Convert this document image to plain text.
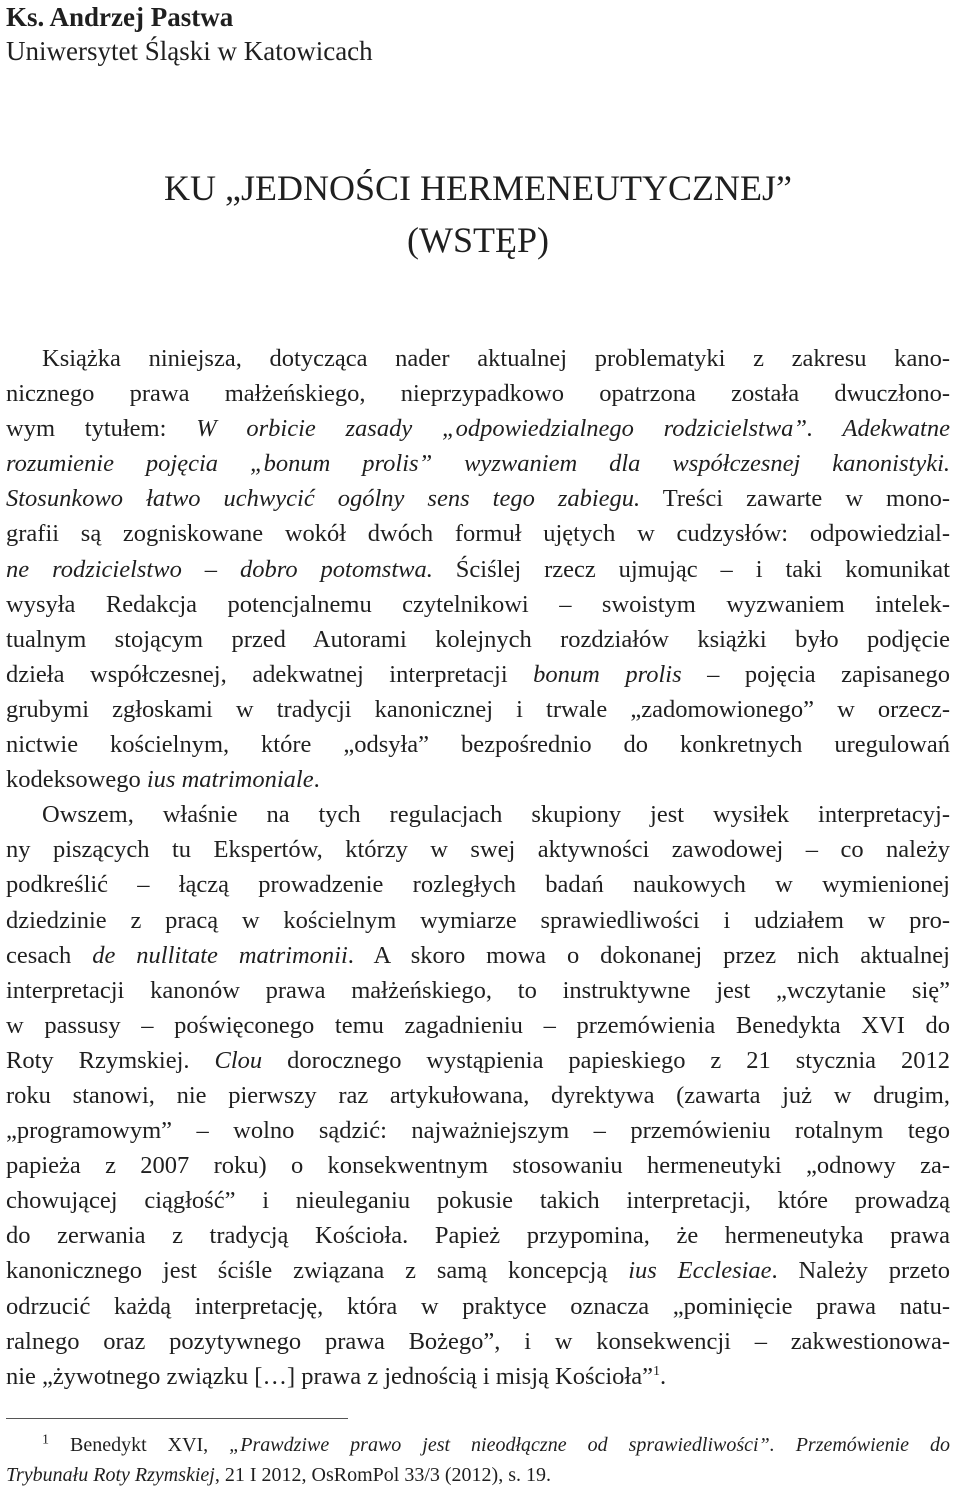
Ks. Andrzej Pastwa
Uniwersytet Śląski w Katowicach
KU „JEDNOŚCI HERMENEUTYCZNEJ”
(WSTĘP)
Książka niniejsza, dotycząca nader aktualnej problematyki z zakresu kano-
nicznego prawa małżeńskiego, nieprzypadkowo opatrzona została dwuczłono-
wym tytułem: W orbicie zasady „odpowiedzialnego rodzicielstwa”. Adekwatne
rozumienie pojęcia „bonum prolis” wyzwaniem dla współczesnej kanonistyki.
Stosunkowo łatwo uchwycić ogólny sens tego zabiegu. Treści zawarte w mono-
grafii są zogniskowane wokół dwóch formuł ujętych w cudzysłów: odpowiedzial-
ne rodzicielstwo – dobro potomstwa. Ściślej rzecz ujmując – i taki komunikat
wysyła Redakcja potencjalnemu czytelnikowi – swoistym wyzwaniem intelek-
tualnym stojącym przed Autorami kolejnych rozdziałów książki było podjęcie
dzieła współczesnej, adekwatnej interpretacji bonum prolis – pojęcia zapisanego
grubymi zgłoskami w tradycji kanonicznej i trwale „zadomowionego” w orzecz-
nictwie kościelnym, które „odsyła” bezpośrednio do konkretnych uregulowań
kodeksowego ius matrimoniale.
Owszem, właśnie na tych regulacjach skupiony jest wysiłek interpretacyj-
ny piszących tu Ekspertów, którzy w swej aktywności zawodowej – co należy
podkreślić – łączą prowadzenie rozległych badań naukowych w wymienionej
dziedzinie z pracą w kościelnym wymiarze sprawiedliwości i udziałem w pro-
cesach de nullitate matrimonii. A skoro mowa o dokonanej przez nich aktualnej
interpretacji kanonów prawa małżeńskiego, to instruktywne jest „wczytanie się”
w passusy – poświęconego temu zagadnieniu – przemówienia Benedykta XVI do
Roty Rzymskiej. Clou dorocznego wystąpienia papieskiego z 21 stycznia 2012
roku stanowi, nie pierwszy raz artykułowana, dyrektywa (zawarta już w drugim,
„programowym” – wolno sądzić: najważniejszym – przemówieniu rotalnym tego
papieża z 2007 roku) o konsekwentnym stosowaniu hermeneutyki „odnowy za-
chowującej ciągłość” i nieuleganiu pokusie takich interpretacji, które prowadzą
do zerwania z tradycją Kościoła. Papież przypomina, że hermeneutyka prawa
kanonicznego jest ściśle związana z samą koncepcją ius Ecclesiae. Należy przeto
odrzucić każdą interpretację, która w praktyce oznacza „pominięcie prawa natu-
ralnego oraz pozytywnego prawa Bożego”, i w konsekwencji – zakwestionowa-
nie „żywotnego związku […] prawa z jednością i misją Kościoła”$^1$.
$^1$ Benedykt XVI, „Prawdziwe prawo jest nieodłączne od sprawiedliwości”. Przemówienie do
Trybunału Roty Rzymskiej, 21 I 2012, OsRomPol 33/3 (2012), s. 19.
